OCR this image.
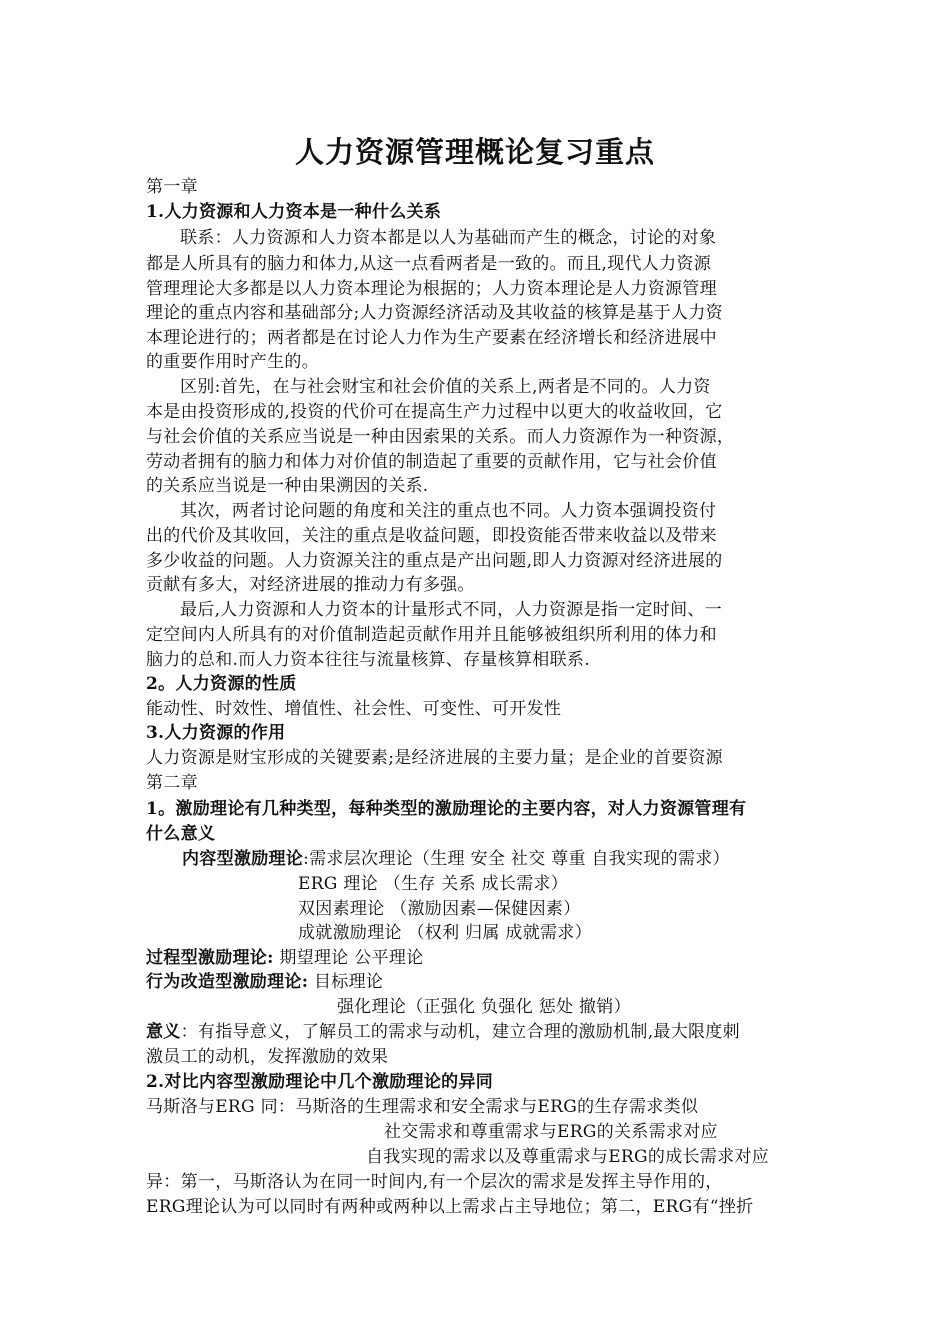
人力资源管理概论复习重点
第一章
1.人力资源和人力资本是一种什么关系
联系：人力资源和人力资本都是以人为基础而产生的概念，讨论的对象
都是人所具有的脑力和体力,从这一点看两者是一致的。而且,现代人力资源
管理理论大多都是以人力资本理论为根据的；人力资本理论是人力资源管理
理论的重点内容和基础部分;人力资源经济活动及其收益的核算是基于人力资
本理论进行的；两者都是在讨论人力作为生产要素在经济增长和经济进展中
的重要作用时产生的。
区别:首先，在与社会财宝和社会价值的关系上,两者是不同的。人力资
本是由投资形成的,投资的代价可在提高生产力过程中以更大的收益收回，它
与社会价值的关系应当说是一种由因索果的关系。而人力资源作为一种资源，
劳动者拥有的脑力和体力对价值的制造起了重要的贡献作用，它与社会价值
的关系应当说是一种由果溯因的关系.
其次，两者讨论问题的角度和关注的重点也不同。人力资本强调投资付
出的代价及其收回，关注的重点是收益问题，即投资能否带来收益以及带来
多少收益的问题。人力资源关注的重点是产出问题,即人力资源对经济进展的
贡献有多大，对经济进展的推动力有多强。
最后,人力资源和人力资本的计量形式不同，人力资源是指一定时间、一
定空间内人所具有的对价值制造起贡献作用并且能够被组织所利用的体力和
脑力的总和.而人力资本往往与流量核算、存量核算相联系.
2。人力资源的性质
能动性、时效性、增值性、社会性、可变性、可开发性
3.人力资源的作用
人力资源是财宝形成的关键要素;是经济进展的主要力量；是企业的首要资源
第二章
1。激励理论有几种类型，每种类型的激励理论的主要内容，对人力资源管理有
什么意义
内容型激励理论:需求层次理论（生理 安全 社交 尊重 自我实现的需求）
ERG 理论 （生存 关系 成长需求）
双因素理论 （激励因素—保健因素）
成就激励理论 （权利 归属 成就需求）
过程型激励理论: 期望理论 公平理论
行为改造型激励理论: 目标理论
强化理论（正强化 负强化 惩处 撤销）
意义：有指导意义，了解员工的需求与动机，建立合理的激励机制,最大限度刺
激员工的动机，发挥激励的效果
2.对比内容型激励理论中几个激励理论的异同
马斯洛与ERG 同：马斯洛的生理需求和安全需求与ERG的生存需求类似
社交需求和尊重需求与ERG的关系需求对应
自我实现的需求以及尊重需求与ERG的成长需求对应
异：第一，马斯洛认为在同一时间内,有一个层次的需求是发挥主导作用的，
ERG理论认为可以同时有两种或两种以上需求占主导地位；第二，ERG有“挫折
